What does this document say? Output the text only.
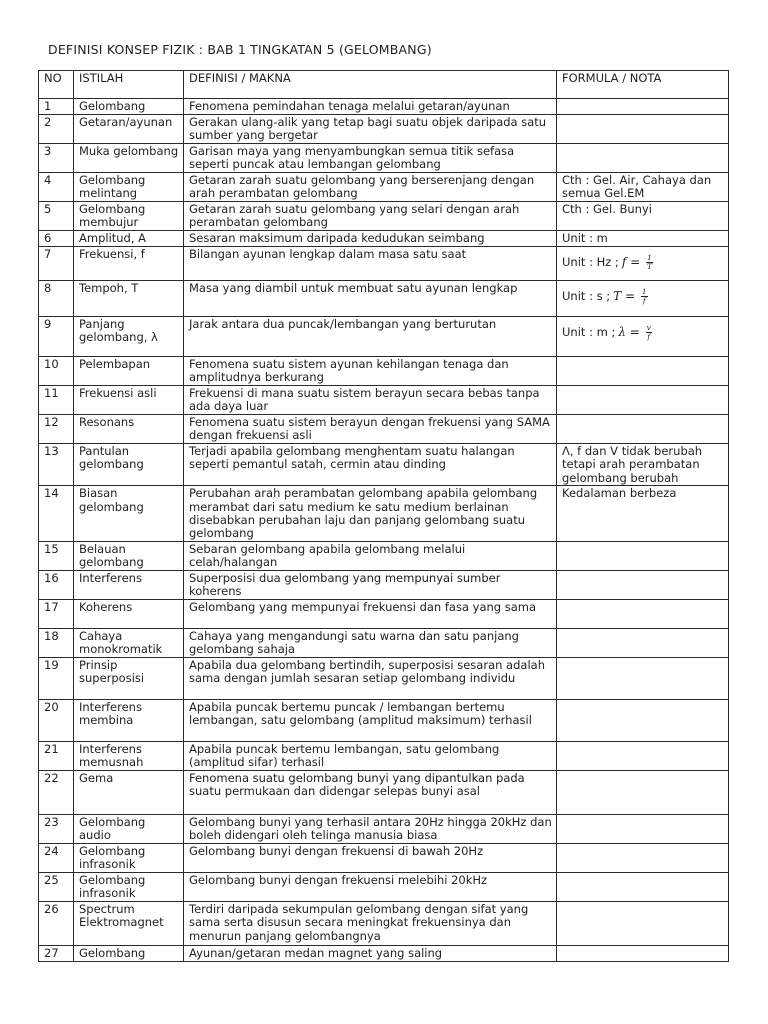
DEFINISI KONSEP FIZIK : BAB 1 TINGKATAN 5 (GELOMBANG)
NO	ISTILAH	DEFINISI / MAKNA	FORMULA / NOTA
1	Gelombang	Fenomena pemindahan tenaga melalui getaran/ayunan	
2	Getaran/ayunan	Gerakan ulang-alik yang tetap bagi suatu objek daripada satu sumber yang bergetar	
3	Muka gelombang	Garisan maya yang menyambungkan semua titik sefasa seperti puncak atau lembangan gelombang	
4	Gelombang melintang	Getaran zarah suatu gelombang yang berserenjang dengan arah perambatan gelombang	Cth : Gel. Air, Cahaya dan semua Gel.EM
5	Gelombang membujur	Getaran zarah suatu gelombang yang selari dengan arah perambatan gelombang	Cth : Gel. Bunyi
6	Amplitud, A	Sesaran maksimum daripada kedudukan seimbang	Unit : m
7	Frekuensi, f	Bilangan ayunan lengkap dalam masa satu saat	Unit : Hz ; $f = \frac{1}{T}$

8	Tempoh, T	Masa yang diambil untuk membuat satu ayunan lengkap	Unit : s ; $T = \frac{1}{f}$

9	Panjang gelombang, λ	Jarak antara dua puncak/lembangan yang berturutan	Unit : m ; $\lambda = \frac{v}{f}$

10	Pelembapan	Fenomena suatu sistem ayunan kehilangan tenaga dan amplitudnya berkurang	
11	Frekuensi asli	Frekuensi di mana suatu sistem berayun secara bebas tanpa ada daya luar	
12	Resonans	Fenomena suatu sistem berayun dengan frekuensi yang SAMA dengan frekuensi asli	
13	Pantulan gelombang	Terjadi apabila gelombang menghentam suatu halangan seperti pemantul satah, cermin atau dinding	Λ, f dan V tidak berubah tetapi arah perambatan gelombang berubah
14	Biasan gelombang	Perubahan arah perambatan gelombang apabila gelombang merambat dari satu medium ke satu medium berlainan disebabkan perubahan laju dan panjang gelombang suatu gelombang	Kedalaman berbeza
15	Belauan gelombang	Sebaran gelombang apabila gelombang melalui celah/halangan	
16	Interferens	Superposisi dua gelombang yang mempunyai sumber koherens	
17	Koherens	Gelombang yang mempunyai frekuensi dan fasa yang sama	
18	Cahaya monokromatik	Cahaya yang mengandungi satu warna dan satu panjang gelombang sahaja	
19	Prinsip superposisi	Apabila dua gelombang bertindih, superposisi sesaran adalah sama dengan jumlah sesaran setiap gelombang individu	
20	Interferens membina	Apabila puncak bertemu puncak / lembangan bertemu lembangan, satu gelombang (amplitud maksimum) terhasil	
21	Interferens memusnah	Apabila puncak bertemu lembangan, satu gelombang (amplitud sifar) terhasil	
22	Gema	Fenomena suatu gelombang bunyi yang dipantulkan pada suatu permukaan dan didengar selepas bunyi asal	
23	Gelombang audio	Gelombang bunyi yang terhasil antara 20Hz hingga 20kHz dan boleh didengari oleh telinga manusia biasa	
24	Gelombang infrasonik	Gelombang bunyi dengan frekuensi di bawah 20Hz	
25	Gelombang infrasonik	Gelombang bunyi dengan frekuensi melebihi 20kHz	
26	Spectrum Elektromagnet	Terdiri daripada sekumpulan gelombang dengan sifat yang sama serta disusun secara meningkat frekuensinya dan menurun panjang gelombangnya	
27	Gelombang	Ayunan/getaran medan magnet yang saling	
